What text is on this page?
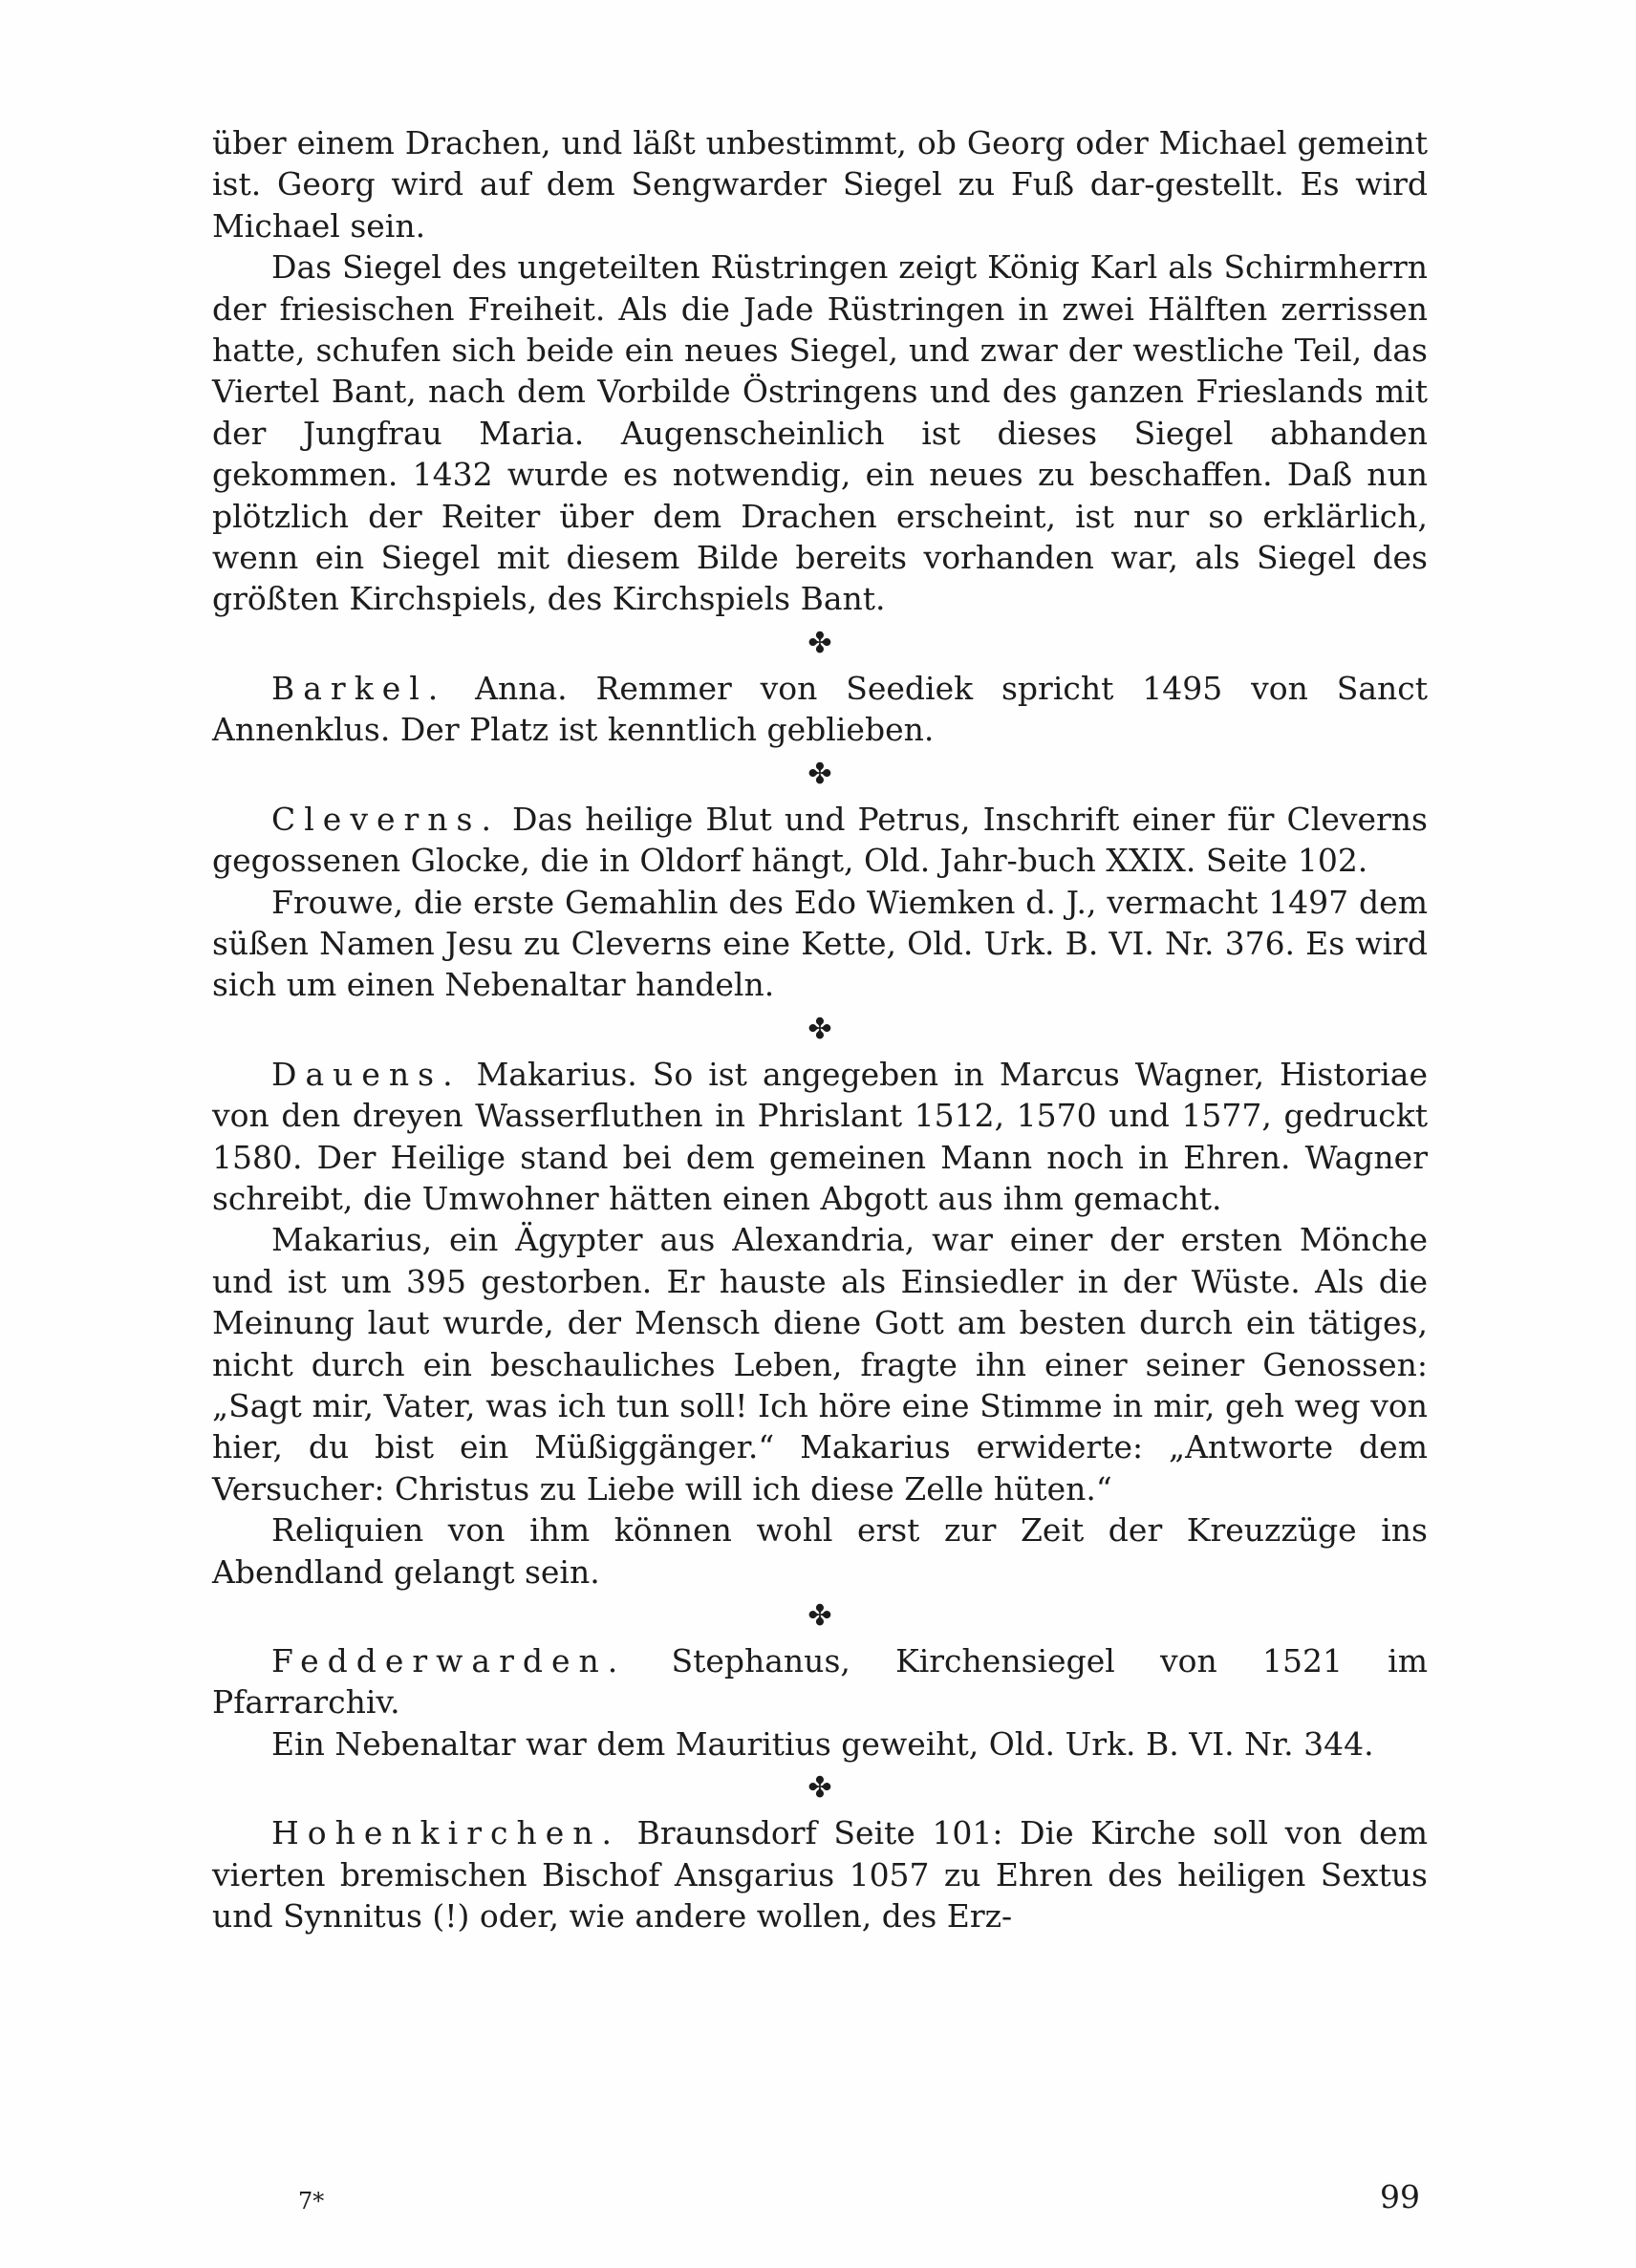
über einem Drachen, und läßt unbestimmt, ob Georg oder Michael gemeint ist. Georg wird auf dem Sengwarder Siegel zu Fuß dar-gestellt. Es wird Michael sein.

Das Siegel des ungeteilten Rüstringen zeigt König Karl als Schirmherrn der friesischen Freiheit. Als die Jade Rüstringen in zwei Hälften zerrissen hatte, schufen sich beide ein neues Siegel, und zwar der westliche Teil, das Viertel Bant, nach dem Vorbilde Östringens und des ganzen Frieslands mit der Jungfrau Maria. Augenscheinlich ist dieses Siegel abhanden gekommen. 1432 wurde es notwendig, ein neues zu beschaffen. Daß nun plötzlich der Reiter über dem Drachen erscheint, ist nur so erklärlich, wenn ein Siegel mit diesem Bilde bereits vorhanden war, als Siegel des größten Kirchspiels, des Kirchspiels Bant.

✤

Barkel. Anna. Remmer von Seediek spricht 1495 von Sanct Annenklus. Der Platz ist kenntlich geblieben.

✤

Cleverns. Das heilige Blut und Petrus, Inschrift einer für Cleverns gegossenen Glocke, die in Oldorf hängt, Old. Jahr-buch XXIX. Seite 102.

Frouwe, die erste Gemahlin des Edo Wiemken d. J., vermacht 1497 dem süßen Namen Jesu zu Cleverns eine Kette, Old. Urk. B. VI. Nr. 376. Es wird sich um einen Nebenaltar handeln.

✤

Dauens. Makarius. So ist angegeben in Marcus Wagner, Historiae von den dreyen Wasserfluthen in Phrislant 1512, 1570 und 1577, gedruckt 1580. Der Heilige stand bei dem gemeinen Mann noch in Ehren. Wagner schreibt, die Umwohner hätten einen Abgott aus ihm gemacht.

Makarius, ein Ägypter aus Alexandria, war einer der ersten Mönche und ist um 395 gestorben. Er hauste als Einsiedler in der Wüste. Als die Meinung laut wurde, der Mensch diene Gott am besten durch ein tätiges, nicht durch ein beschauliches Leben, fragte ihn einer seiner Genossen: „Sagt mir, Vater, was ich tun soll! Ich höre eine Stimme in mir, geh weg von hier, du bist ein Müßiggänger.“ Makarius erwiderte: „Antworte dem Versucher: Christus zu Liebe will ich diese Zelle hüten.“

Reliquien von ihm können wohl erst zur Zeit der Kreuzzüge ins Abendland gelangt sein.

✤

Fedderwarden. Stephanus, Kirchensiegel von 1521 im Pfarrarchiv.

Ein Nebenaltar war dem Mauritius geweiht, Old. Urk. B. VI. Nr. 344.

✤

Hohenkirchen. Braunsdorf Seite 101: Die Kirche soll von dem vierten bremischen Bischof Ansgarius 1057 zu Ehren des heiligen Sextus und Synnitus (!) oder, wie andere wollen, des Erz-

7*	99
